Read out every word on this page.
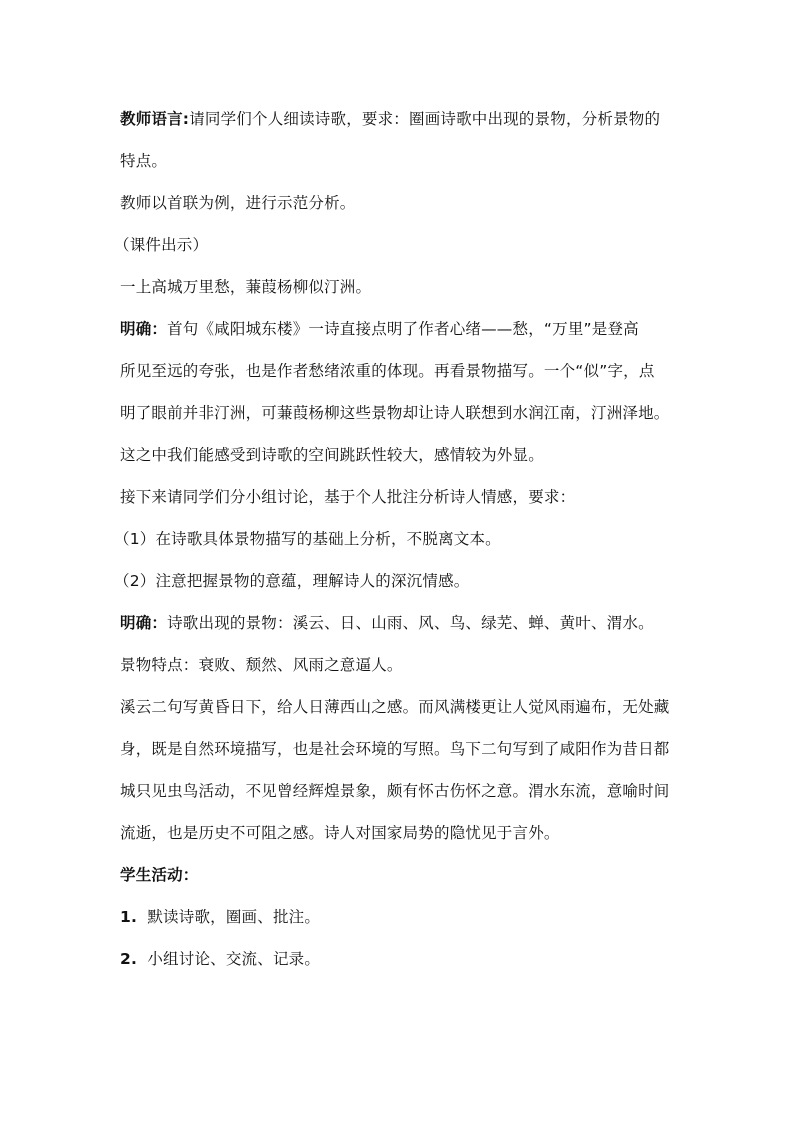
教师语言:请同学们个人细读诗歌，要求：圈画诗歌中出现的景物，分析景物的
特点。
教师以首联为例，进行示范分析。
（课件出示）
一上高城万里愁，蒹葭杨柳似汀洲。
明确：首句《咸阳城东楼》一诗直接点明了作者心绪——愁，“万里”是登高
所见至远的夸张，也是作者愁绪浓重的体现。再看景物描写。一个“似”字，点
明了眼前并非汀洲，可蒹葭杨柳这些景物却让诗人联想到水润江南，汀洲泽地。
这之中我们能感受到诗歌的空间跳跃性较大，感情较为外显。
接下来请同学们分小组讨论，基于个人批注分析诗人情感，要求：
（1）在诗歌具体景物描写的基础上分析，不脱离文本。
（2）注意把握景物的意蕴，理解诗人的深沉情感。
明确：诗歌出现的景物：溪云、日、山雨、风、鸟、绿芜、蝉、黄叶、渭水。
景物特点：衰败、颓然、风雨之意逼人。
溪云二句写黄昏日下，给人日薄西山之感。而风满楼更让人觉风雨遍布，无处藏
身，既是自然环境描写，也是社会环境的写照。鸟下二句写到了咸阳作为昔日都
城只见虫鸟活动，不见曾经辉煌景象，颇有怀古伤怀之意。渭水东流，意喻时间
流逝，也是历史不可阻之感。诗人对国家局势的隐忧见于言外。
学生活动：
1. 默读诗歌，圈画、批注。
2. 小组讨论、交流、记录。
